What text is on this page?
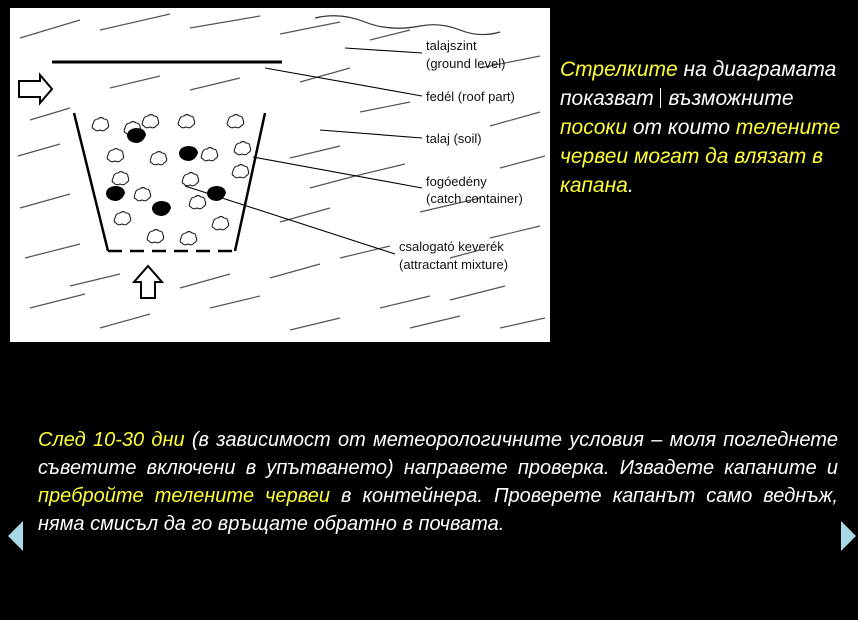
talajszint
(ground level)
fedél (roof part)
talaj (soil)
fogóedény
(catch container)
csalogató keverék
(attractant mixture)

Стрелките на диаграмата показват  възможните посоки от които телените червеи могат да влязат в капана.

След 10-30 дни (в зависимост от метеорологичните условия – моля погледнете съветите включени в упътването) направете проверка. Извадете капаните и пребройте телените червеи в контейнера. Проверете капанът само веднъж, няма смисъл да го връщате обратно в почвата.
